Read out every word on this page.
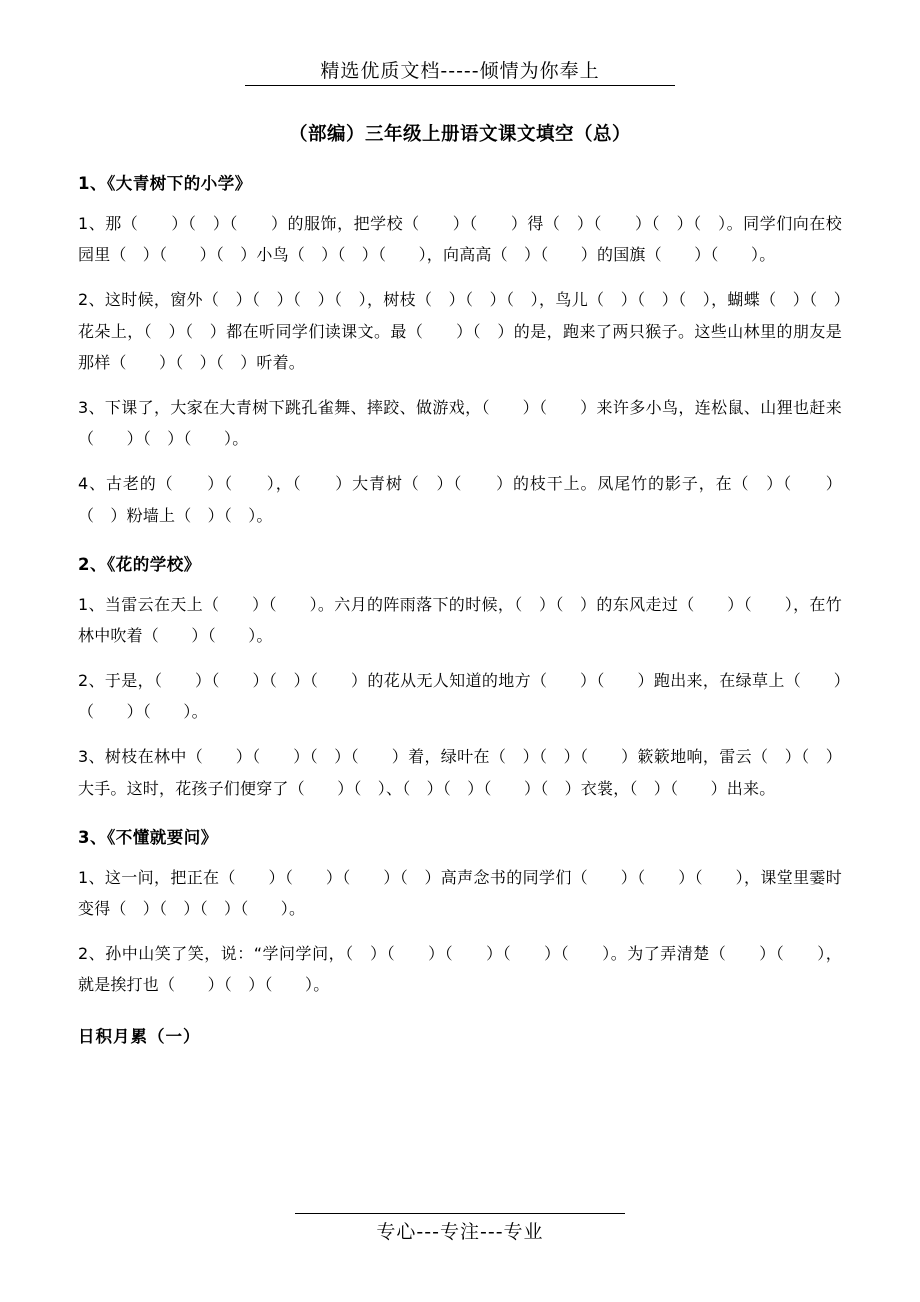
精选优质文档-----倾情为你奉上
（部编）三年级上册语文课文填空（总）
1、《大青树下的小学》

1、那（　　）（　）（　　）的服饰，把学校（　　）（　　）得（　）（　　）（　）（　）。同学们向在校园里（　）（　　）（　）小鸟（　）（　）（　　），向高高（　）（　　）的国旗（　　）（　　）。

2、这时候，窗外（　）（　）（　）（　），树枝（　）（　）（　），鸟儿（　）（　）（　），蝴蝶（　）（　）花朵上，（　）（　）都在听同学们读课文。最（　　）（　）的是，跑来了两只猴子。这些山林里的朋友是那样（　　）（　）（　）听着。

3、下课了，大家在大青树下跳孔雀舞、摔跤、做游戏，（　　）（　　）来许多小鸟，连松鼠、山狸也赶来（　　）（　）（　　）。

4、古老的（　　）（　　），（　　）大青树（　）（　　）的枝干上。凤尾竹的影子，在（　）（　　）（　）粉墙上（　）（　）。

2、《花的学校》

1、当雷云在天上（　　）（　　）。六月的阵雨落下的时候，（　）（　）的东风走过（　　）（　　），在竹林中吹着（　　）（　　）。

2、于是，（　　）（　　）（　）（　　）的花从无人知道的地方（　　）（　　）跑出来，在绿草上（　　）（　　）（　　）。

3、树枝在林中（　　）（　　）（　）（　　）着，绿叶在（　）（　）（　　）簌簌地响，雷云（　）（　）大手。这时，花孩子们便穿了（　　）（　）、（　）（　）（　　）（　）衣裳，（　）（　　）出来。

3、《不懂就要问》

1、这一问，把正在（　　）（　　）（　　）（　）高声念书的同学们（　　）（　　）（　　），课堂里霎时变得（　）（　）（　）（　　）。

2、孙中山笑了笑，说：“学问学问，（　）（　　）（　　）（　　）（　　）。为了弄清楚（　　）（　　），就是挨打也（　　）（　）（　　）。

日积月累（一）
专心---专注---专业
